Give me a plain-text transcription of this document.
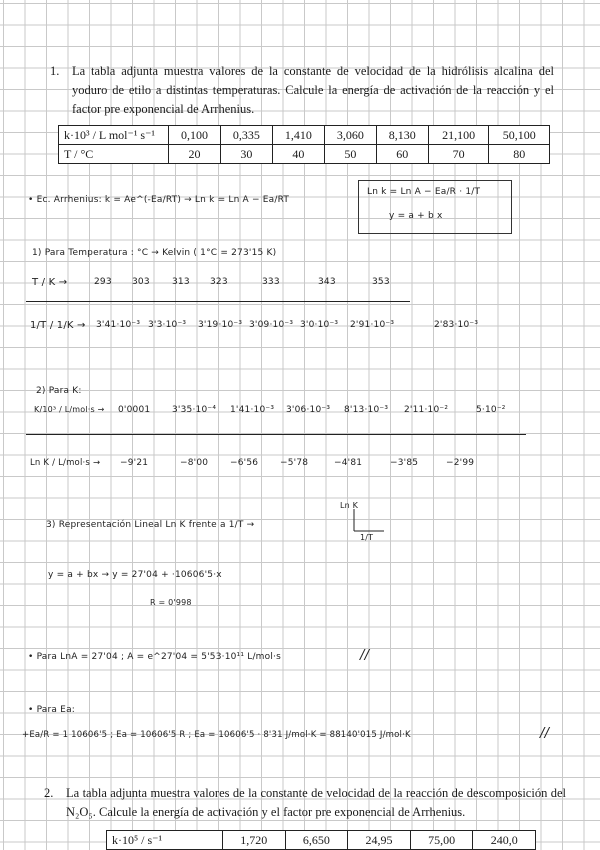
1. La tabla adjunta muestra valores de la constante de velocidad de la hidrólisis alcalina del yoduro de etilo a distintas temperaturas. Calcule la energía de activación de la reacción y el factor pre exponencial de Arrhenius.
k·10³ / L mol⁻¹ s⁻¹	0,100	0,335	1,410	3,060	8,130	21,100	50,100
T / °C	20	30	40	50	60	70	80
• Ec. Arrhenius: k = Ae^(-Ea/RT) → Ln k = Ln A − Ea/RT
Ln k = Ln A − Ea/R · 1/T
y = a + b x
1) Para Temperatura : °C → Kelvin ( 1°C = 273'15 K)
T / K →	293 303 313 323	333	343	353
1/T / 1/K → 3'41·10⁻³ 3'3·10⁻³ 3'19·10⁻³ 3'09·10⁻³ 3'0·10⁻³ 2'91·10⁻³	2'83·10⁻³
2) Para K:
K/10³ / L/mol·s → 0'0001 3'35·10⁻⁴ 1'41·10⁻³ 3'06·10⁻³ 8'13·10⁻³ 2'11·10⁻²	5·10⁻²
Ln K / L/mol·s → −9'21	−8'00 −6'56 −5'78	−4'81	−3'85	−2'99
3) Representación Lineal Ln K frente a 1/T →
Ln K
1/T
y = a + bx → y = 27'04 + ·10606'5·x
R = 0'998
• Para LnA = 27'04 ; A = e^27'04 = 5'53·10¹¹ L/mol·s	//
• Para Ea:
+Ea/R = 1 10606'5 ; Ea = 10606'5 R ; Ea = 10606'5 · 8'31 J/mol·K = 88140'015 J/mol·K	//
2. La tabla adjunta muestra valores de la constante de velocidad de la reacción de descomposición del N₂O₅. Calcule la energía de activación y el factor pre exponencial de Arrhenius.
k·10⁵ / s⁻¹	1,720	6,650	24,95	75,00	240,0
